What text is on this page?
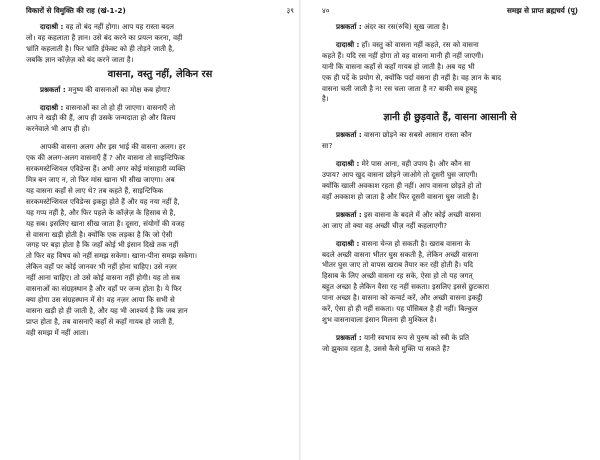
विकारों से विमुक्ति की राह (खं-1-2)	३९

दादाश्री : वह तो बंद नहीं होगा। आप यह रास्ता बदल

लो। वह कहलाता है ज्ञान। उसे बंद करने का प्रयत्न करना, वही

भ्रांति कहलाती है। फिर भ्रांति ईफेक्ट को ही तोड़ने जाती है,

जबकि ज्ञान कॉज़ेज़ को बंद करने जाता है।

वासना, वस्तु नहीं, लेकिन रस

प्रश्नकर्ता : मनुष्य की वासनाओं का मोक्ष कब होगा?

दादाश्री : वासनाओं का तो हो ही जाएगा। वासनाएँ तो

आप ने खड़ी की हैं, आप ही उसके जन्मदाता हो और विलय

करनेवाले भी आप ही हो।

आपकी वासना अलग और इस भाई की वासना अलग। हर

एक की अलग-अलग वासनाएँ हैं ? और वासना तो साइन्टिफिक

सरकमस्टेन्शियल एविडेन्स हैं। अभी अगर कोई मांसाहारी व्यक्ति

मित्र बन जाए न, तो फिर मांस खाना भी सीख जाएगा। अब

यह वासना कहाँ से लाए थे? तब कहते हैं, साइन्टिफिक

सरकमस्टेन्शियल एविडेन्स इकट्ठा होते हैं और यह नया नहीं है,

यह गप्प नहीं है, और फिर पहले के कॉज़ेज़ के हिसाब से है,

यह सब। इसलिए खाना सीख जाता है। दूसरा, संयोगों की वजह

से वासना खड़ी होती है। क्योंकि एक लड़का है कि जो ऐसी

जगह पर बड़ा होता है कि जहाँ कोई भी इंसान दिखे तक नहीं

तो फिर वह विषय को नहीं समझ सकेगा। खाना-पीना समझ सकेगा।

लेकिन वहाँ पर कोई जानवर भी नहीं होना चाहिए। उसे नज़र

नहीं आना चाहिए। तो उसे कोई वासना नहीं होगी। यह तो सब

वासनाओं का संग्रहस्थान है और वहाँ पर जन्म होता है। ये फिर

क्या होगा उस संग्रहस्थान में से! वह नज़र आया कि सभी से

वासना खड़ी हो ही जाती है, और यह भी आश्चर्य है कि जब ज्ञान

प्राप्त होता है, तब वासनाएँ कहाँ से कहाँ गायब हो जाती हैं,

वही समझ में नहीं आता।

४०	समझ से प्राप्त ब्रह्मचर्य (पू)

प्रश्नकर्ता : अंदर का रस(रुचि) सूख जाता है।

दादाश्री : हाँ। वस्तु को वासना नहीं कहते, रस को वासना

कहते हैं। यदि रस नहीं होगा तो वह वासना मानी ही नहीं जाएगी।

यानी कि वासना कहाँ से कहाँ गायब हो जाती है। अब यह भी

एक ही पर्दे के प्रयोग से, क्योंकि पर्दा वसना ही नहीं है। वह ज्ञान के बाद

वासना चली जाती है न! रस चला जाता है न? बाकी सब हूबहू

है।

ज्ञानी ही छुड़वाते हैं, वासना आसानी से

प्रश्नकर्ता : वासना छोड़ने का सबसे आसान रास्ता कौन

सा?

दादाश्री : मेरे पास आना, वही उपाय है। और कौन सा

उपाय? आप खुद वासना छोड़ने जाओगे तो दूसरी घुस जाएगी।

क्योंकि खाली अवकाश रहता ही नहीं। आप वासना छोड़ते हो तो

वहाँ अवकाश हो जाता है और फिर दूसरी वासना घुस जाती है।

प्रश्नकर्ता : इस वासना के बदले में और कोई अच्छी वासना

आ जाए तो क्या वह अच्छी चीज़ नहीं कहलाएगी?

दादाश्री : वासना चेन्ज हो सकती है। खराब वासना के

बदले अच्छी वासना भीतर घुस सकती है, लेकिन अच्छी वासना

भीतर घुस जाए तो वापस खराब तैयार कर रही होती है। यदि

हिसाब के लिए अच्छी वासना रह सके, ऐसा हो तो यह जगत्

बहुत अच्छा है लेकिन वैसा रह नहीं सकता। इसलिए इससे छुटकारा

पाना अच्छा है। वासना को कन्वर्ट करें, और अच्छी वासना इकट्ठी

करें, ऐसा हो ही नहीं सकता। यह पॉसिबल है ही नहीं। बिल्कुल

शुभ वासनावाला इंसान मिलना ही मुश्किल है।

प्रश्नकर्ता : यानी स्वभाव रूप से पुरुष को स्त्री के प्रति

जो झुकाव रहता है, उससे कैसे मुक्ति पा सकते हैं?
